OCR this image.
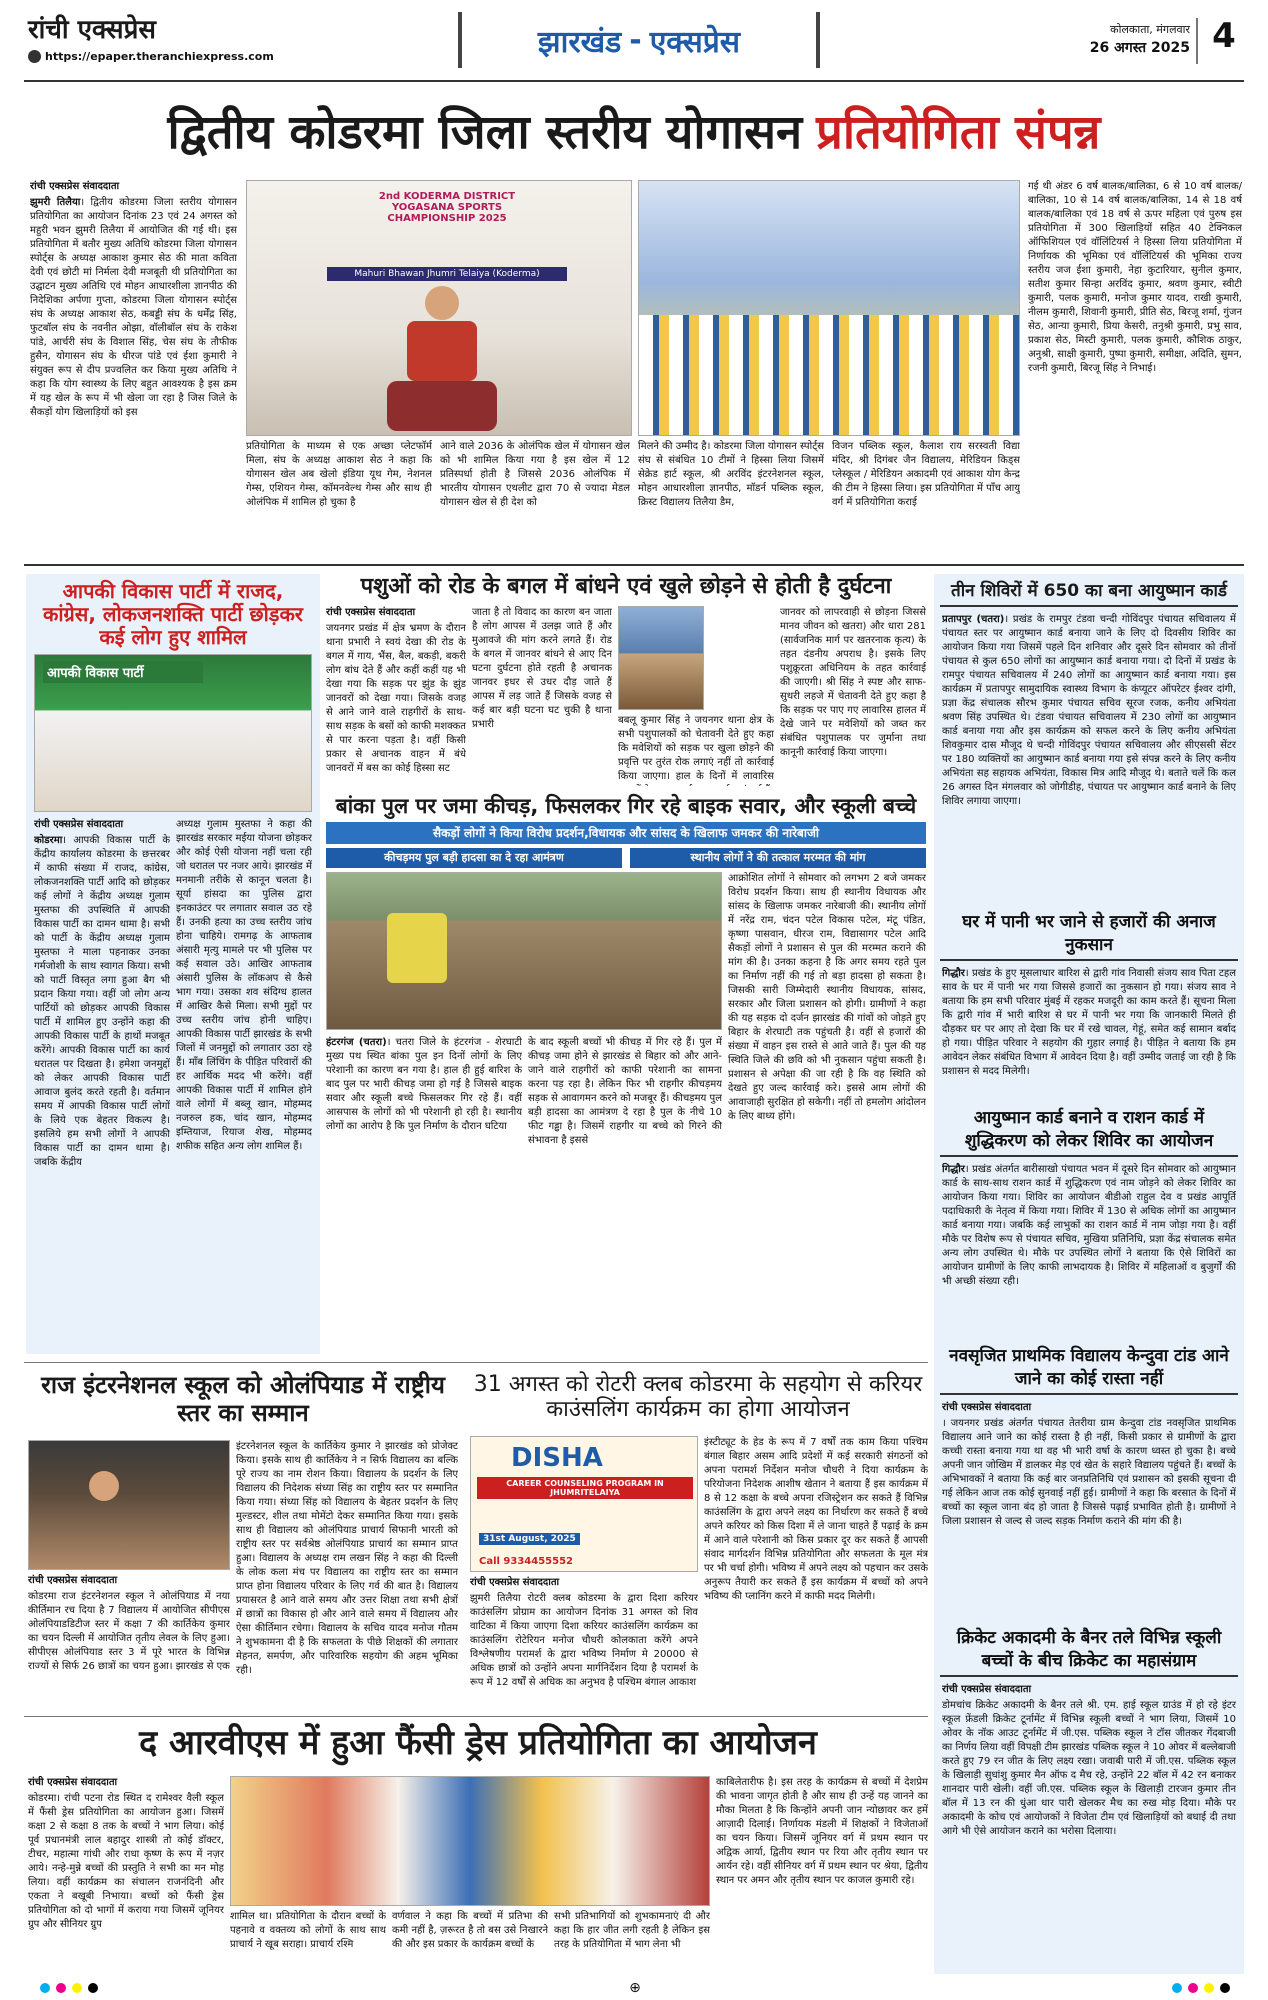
रांची एक्सप्रेस
https://epaper.theranchiexpress.com	झारखंड - एक्सप्रेस	कोलकाता, मंगलवार
26 अगस्त 2025 4
द्वितीय कोडरमा जिला स्तरीय योगासन प्रतियोगिता संपन्न
रांची एक्सप्रेस संवाददाता
झुमरी तिलैया। द्वितीय कोडरमा जिला स्तरीय योगासन प्रतियोगिता का आयोजन दिनांक 23 एवं 24 अगस्त को महुरी भवन झुमरी तिलैया में आयोजित की गई थी। इस प्रतियोगिता में बतौर मुख्य अतिथि कोडरमा जिला योगासन स्पोर्ट्स के अध्यक्ष आकाश कुमार सेठ की माता कविता देवी एवं छोटी मां निर्मला देवी मजबूती थी प्रतियोगिता का उद्घाटन मुख्य अतिथि एवं मोहन आधारशीला ज्ञानपीठ की निदेशिका अर्पणा गुप्ता, कोडरमा जिला योगासन स्पोर्ट्स संघ के अध्यक्ष आकाश सेठ, कबड्डी संघ के धर्मेंद्र सिंह, फुटबॉल संघ के नवनीत ओझा, वॉलीबॉल संघ के राकेश पांडे, आर्चरी संघ के विशाल सिंह, चेस संघ के तौफीक हुसैन, योगासन संघ के धीरज पांडे एवं ईशा कुमारी ने संयुक्त रूप से दीप प्रज्वलित कर किया मुख्य अतिथि ने कहा कि योग स्वास्थ्य के लिए बहुत आवश्यक है इस क्रम में यह खेल के रूप में भी खेला जा रहा है जिस जिले के सैकड़ों योग खिलाड़ियों को इस
2nd KODERMA DISTRICT YOGASANA SPORTS CHAMPIONSHIP 2025
Mahuri Bhawan Jhumri Telaiya (Koderma)
प्रतियोगिता के माध्यम से एक अच्छा प्लेटफॉर्म मिला, संघ के अध्यक्ष आकाश सेठ ने कहा कि योगासन खेल अब खेलो इंडिया यूथ गेम, नेशनल गेम्स, एशियन गेम्स, कॉमनवेल्थ गेम्स और साथ ही ओलंपिक में शामिल हो चुका है
आने वाले 2036 के ओलंपिक खेल में योगासन खेल को भी शामिल किया गया है इस खेल में 12 प्रतिस्पर्धा होती है जिससे 2036 ओलंपिक में भारतीय योगासन एथलीट द्वारा 70 से ज्यादा मेडल योगासन खेल से ही देश को
मिलने की उम्मीद है। कोडरमा जिला योगासन स्पोर्ट्स संघ से संबंधित 10 टीमों ने हिस्सा लिया जिसमें सेक्रेड हार्ट स्कूल, श्री अरविंद इंटरनेशनल स्कूल, मोहन आधारशीला ज्ञानपीठ, मॉडर्न पब्लिक स्कूल, क्रिस्ट विद्यालय तिलैया डैम,
विजन पब्लिक स्कूल, कैलाश राय सरस्वती विद्या मंदिर, श्री दिगंबर जैन विद्यालय, मेरिडियन किड्स प्लेस्कूल / मेरिडियन अकादमी एवं आकाश योग केन्द्र की टीम ने हिस्सा लिया। इस प्रतियोगिता में पाँच आयु वर्ग में प्रतियोगिता कराई
गई थी अंडर 6 वर्ष बालक/बालिका, 6 से 10 वर्ष बालक/बालिका, 10 से 14 वर्ष बालक/बालिका, 14 से 18 वर्ष बालक/बालिका एवं 18 वर्ष से ऊपर महिला एवं पुरुष इस प्रतियोगिता में 300 खिलाड़ियों सहित 40 टेक्निकल ऑफिशियल एवं वॉलिंटियर्स ने हिस्सा लिया प्रतियोगिता में निर्णायक की भूमिका एवं वॉलिंटियर्स की भूमिका राज्य स्तरीय जज ईशा कुमारी, नेहा कुटारियार, सुनील कुमार, सतीश कुमार सिन्हा अरविंद कुमार, श्रवण कुमार, स्वीटी कुमारी, पलक कुमारी, मनोज कुमार यादव, राखी कुमारी, नीलम कुमारी, शिवानी कुमारी, प्रीति सेठ, बिरजू शर्मा, गुंजन सेठ, आन्या कुमारी, प्रिया केसरी, तनुश्री कुमारी, प्रभु साव, प्रकाश सेठ, मिस्टी कुमारी, पलक कुमारी, कौशिक ठाकुर, अनुश्री, साक्षी कुमारी, पुष्पा कुमारी, समीक्षा, अदिति, सुमन, रजनी कुमारी, बिरजू सिंह ने निभाई।
आपकी विकास पार्टी में राजद, कांग्रेस, लोकजनशक्ति पार्टी छोड़कर कई लोग हुए शामिल
आपकी विकास पार्टी
रांची एक्सप्रेस संवाददाता
कोडरमा। आपकी विकास पार्टी के केंद्रीय कार्यालय कोडरमा के छत्तरबर में काफी संख्या में राजद, कांग्रेस, लोकजनशक्ति पार्टी आदि को छोड़कर कई लोगों ने केंद्रीय अध्यक्ष गुलाम मुस्तफा की उपस्थिति में आपकी विकास पार्टी का दामन थामा है। सभी को पार्टी के केंद्रीय अध्यक्ष गुलाम मुस्तफा ने माला पहनाकर उनका गर्मजोशी के साथ स्वागत किया। सभी को पार्टी विस्तृत लगा हुआ बैग भी प्रदान किया गया। वहीं जो लोग अन्य पार्टियों को छोड़कर आपकी विकास पार्टी में शामिल हुए उन्होंने कहा की आपकी विकास पार्टी के हाथों मजबूत करेंगे। आपकी विकास पार्टी का कार्य धरातल पर दिखता है। हमेशा जनमुद्दों को लेकर आपकी विकास पार्टी आवाज बुलंद करते रहती है। वर्तमान समय में आपकी विकास पार्टी लोगों के लिये एक बेहतर विकल्प है। इसलिये हम सभी लोगों ने आपकी विकास पार्टी का दामन थामा है। जबकि केंद्रीय
अध्यक्ष गुलाम मुस्तफा ने कहा की झारखंड सरकार मईया योजना छोड़कर और कोई ऐसी योजना नहीं चला रही जो धरातल पर नजर आये। झारखंड में मनमानी तरीके से कानून चलता है। सूर्या हांसदा का पुलिस द्वारा इनकाउंटर पर लगातार सवाल उठ रहे हैं। उनकी हत्या का उच्च स्तरीय जांच होना चाहिये। रामगढ़ के आफताब अंसारी मृत्यु मामले पर भी पुलिस पर कई सवाल उठे। आखिर आफताब अंसारी पुलिस के लॉकअप से कैसे भाग गया। उसका शव संदिग्ध हालत में आखिर कैसे मिला। सभी मुद्दों पर उच्च स्तरीय जांच होनी चाहिए। आपकी विकास पार्टी झारखंड के सभी जिलों में जनमुद्दों को लगातार उठा रहे हैं। माँब लिंचिंग के पीड़ित परिवारों की हर आर्थिक मदद भी करेंगे। वहीं आपकी विकास पार्टी में शामिल होने वाले लोगों में बब्लू खान, मोहम्मद नजरुल हक, चांद खान, मोहम्मद इम्तियाज, रियाज शेख, मोहम्मद शफीक सहित अन्य लोग शामिल हैं।
पशुओं को रोड के बगल में बांधने एवं खुले छोड़ने से होती है दुर्घटना
रांची एक्सप्रेस संवाददाता
जयनगर प्रखंड में क्षेत्र भ्रमण के दौरान थाना प्रभारी ने स्वयं देखा की रोड के बगल में गाय, भैंस, बैल, बकड़ी, बकरी लोग बांध देते हैं और कहीं कहीं यह भी देखा गया कि सड़क पर झुंड के झुंड जानवरों को देखा गया। जिसके वजह से आने जाने वाले राहगीरों के साथ-साथ सड़क के बसों को काफी मशक्कत से पार करना पड़ता है। वहीं किसी प्रकार से अचानक वाहन में बंधे जानवरों में बस का कोई हिस्सा सट
जाता है तो विवाद का कारण बन जाता है लोग आपस में उलझ जाते हैं और मुआवजे की मांग करने लगते हैं। रोड के बगल में जानवर बांधने से आए दिन घटना दुर्घटना होते रहती है अचानक जानवर इधर से उधर दौड़ जाते हैं आपस में लड़ जाते हैं जिसके वजह से कई बार बड़ी घटना घट चुकी है थाना प्रभारी	बबलू कुमार सिंह ने जयनगर थाना क्षेत्र के सभी पशुपालकों को चेतावनी देते हुए कहा कि मवेशियों को सड़क पर खुला छोड़ने की प्रवृत्ति पर तुरंत रोक लगाएं नहीं तो कार्रवाई किया जाएगा। हाल के दिनों में लावारिस
जानवर को लापरवाही से छोड़ना जिससे मानव जीवन को खतरा) और धारा 281 (सार्वजनिक मार्ग पर खतरनाक कृत्य) के तहत दंडनीय अपराध है। इसके लिए पशुक्रूरता अधिनियम के तहत कार्रवाई की जाएगी। श्री सिंह ने स्पष्ट और साफ-सुथरी लहजे में चेतावनी देते हुए कहा है कि सड़क पर पाए गए लावारिस हालत में देखे जाने पर मवेशियों को जब्त कर संबंधित पशुपालक पर जुर्माना तथा कानूनी कार्रवाई किया जाएगा।
बांका पुल पर जमा कीचड़, फिसलकर गिर रहे बाइक सवार, और स्कूली बच्चे
सैकड़ों लोगों ने किया विरोध प्रदर्शन,विधायक और सांसद के खिलाफ जमकर की नारेबाजी
कीचड़मय पुल बड़ी हादसा का दे रहा आमंत्रण	स्थानीय लोगों ने की तत्काल मरम्मत की मांग
हंटरगंज (चतरा)। चतरा जिले के हंटरगंज - शेरघाटी मुख्य पथ स्थित बांका पुल इन दिनों लोगों के लिए परेशानी का कारण बन गया है। हाल ही हुई बारिश के बाद पुल पर भारी कीचड़ जमा हो गई है जिससे बाइक सवार और स्कूली बच्चे फिसलकर गिर रहे हैं। वहीं आसपास के लोगों को भी परेशानी हो रही है। स्थानीय लोगों का आरोप है कि पुल निर्माण के दौरान घटिया
के बाद स्कूली बच्चों भी कीचड़ में गिर रहे हैं। पुल में कीचड़ जमा होने से झारखंड से बिहार को और आने-जाने वाले राहगीरों को काफी परेशानी का सामना करना पड़ रहा है। लेकिन फिर भी राहगीर कीचड़मय सड़क से आवागमन करने को मजबूर हैं। कीचड़मय पुल बड़ी हादसा का आमंत्रण दे रहा है पुल के नीचे 10 फीट गड्ढा है। जिसमें राहगीर या बच्चे को गिरने की संभावना है इससे
आक्रोशित लोगों ने सोमवार को लगभग 2 बजे जमकर विरोध प्रदर्शन किया। साथ ही स्थानीय विधायक और सांसद के खिलाफ जमकर नारेबाजी की। स्थानीय लोगों में नरेंद्र राम, चंदन पटेल विकास पटेल, मंटू पंडित, कृष्णा पासवान, धीरज राम, विद्यासागर पटेल आदि सैकड़ों लोगों ने प्रशासन से पुल की मरम्मत कराने की मांग की है। उनका कहना है कि अगर समय रहते पुल का निर्माण नहीं की गई तो बड़ा हादसा हो सकता है। जिसकी सारी जिम्मेदारी स्थानीय विधायक, सांसद, सरकार और जिला प्रशासन को होगी। ग्रामीणों ने कहा की यह सड़क दो दर्जन झारखंड की गांवों को जोड़ते हुए बिहार के शेरघाटी तक पहुंचती है। वहीं से हजारों की संख्या में वाहन इस रास्ते से आते जाते हैं। पुल की यह स्थिति जिले की छवि को भी नुकसान पहुंचा सकती है। प्रशासन से अपेक्षा की जा रही है कि वह स्थिति को देखते हुए जल्द कार्रवाई करे। इससे आम लोगों की आवाजाही सुरक्षित हो सकेगी। नहीं तो हमलोग आंदोलन के लिए बाध्य होंगे।
तीन शिविरों में 650 का बना आयुष्मान कार्ड
प्रतापपुर (चतरा)। प्रखंड के रामपुर टंडवा चन्दी गोविंदपुर पंचायत सचिवालय में पंचायत स्तर पर आयुष्मान कार्ड बनाया जाने के लिए दो दिवसीय शिविर का आयोजन किया गया जिसमें पहले दिन शनिवार और दूसरे दिन सोमवार को तीनों पंचायत से कुल 650 लोगों का आयुष्मान कार्ड बनाया गया। दो दिनों में प्रखंड के रामपुर पंचायत सचिवालय में 240 लोगों का आयुष्मान कार्ड बनाया गया। इस कार्यक्रम में प्रतापपुर सामुदायिक स्वास्थ्य विभाग के कंप्यूटर ऑपरेटर ईश्वर दांगी, प्रज्ञा केंद्र संचालक सौरभ कुमार पंचायत सचिव सूरज रजक, कनीय अभियंता श्रवण सिंह उपस्थित थे। टंडवा पंचायत सचिवालय में 230 लोगों का आयुष्मान कार्ड बनाया गया और इस कार्यक्रम को सफल करने के लिए कनीय अभियंता शिवकुमार दास मौजूद थे चन्दी गोविंदपुर पंचायत सचिवालय और सीएससी सेंटर पर 180 व्यक्तियों का आयुष्मान कार्ड बनाया गया इसे संपन्न करने के लिए कनीय अभियंता सह सहायक अभियंता, विकास मित्र आदि मौजूद थे। बताते चलें कि कल 26 अगस्त दिन मंगलवार को जोगीडीह, पंचायत पर आयुष्मान कार्ड बनाने के लिए शिविर लगाया जाएगा।
घर में पानी भर जाने से हजारों की अनाज नुकसान
गिद्धौर। प्रखंड के हुए मूसलाधार बारिश से द्वारी गांव निवासी संजय साव पिता टहल साव के घर में पानी भर गया जिससे हजारों का नुकसान हो गया। संजय साव ने बताया कि हम सभी परिवार मुंबई में रहकर मजदूरी का काम करते हैं। सूचना मिला कि द्वारी गांव में भारी बारिश से घर में पानी भर गया कि जानकारी मिलते ही दौड़कर घर पर आए तो देखा कि घर में रखे चावल, गेहूं, समेत कई सामान बर्बाद हो गया। पीड़ित परिवार ने सहयोग की गुहार लगाई है। पीड़ित ने बताया कि हम आवेदन लेकर संबंधित विभाग में आवेदन दिया है। वहीं उम्मीद जताई जा रही है कि प्रशासन से मदद मिलेगी।
आयुष्मान कार्ड बनाने व राशन कार्ड में शुद्धिकरण को लेकर शिविर का आयोजन
गिद्धौर। प्रखंड अंतर्गत बारीसाखो पंचायत भवन में दूसरे दिन सोमवार को आयुष्मान कार्ड के साथ-साथ राशन कार्ड में शुद्धिकरण एवं नाम जोड़ने को लेकर शिविर का आयोजन किया गया। शिविर का आयोजन बीडीओ राहुल देव व प्रखंड आपूर्ति पदाधिकारी के नेतृत्व में किया गया। शिविर में 130 से अधिक लोगों का आयुष्मान कार्ड बनाया गया। जबकि कई लाभुकों का राशन कार्ड में नाम जोड़ा गया है। वहीं मौके पर विशेष रूप से पंचायत सचिव, मुखिया प्रतिनिधि, प्रज्ञा केंद्र संचालक समेत अन्य लोग उपस्थित थे। मौके पर उपस्थित लोगों ने बताया कि ऐसे शिविरों का आयोजन ग्रामीणों के लिए काफी लाभदायक है। शिविर में महिलाओं व बुजुर्गों की भी अच्छी संख्या रही।
नवसृजित प्राथमिक विद्यालय केन्दुवा टांड आने जाने का कोई रास्ता नहीं
रांची एक्सप्रेस संवाददाता
। जयनगर प्रखंड अंतर्गत पंचायत तेतरीया ग्राम केन्दुवा टांड नवसृजित प्राथमिक विद्यालय आने जाने का कोई रास्ता है ही नहीं, किसी प्रकार से ग्रामीणों के द्वारा कच्ची रास्ता बनाया गया था वह भी भारी वर्षा के कारण ध्वस्त हो चुका है। बच्चे अपनी जान जोखिम में डालकर मेड़ एवं खेत के सहारे विद्यालय पहुंचते हैं। बच्चों के अभिभावकों ने बताया कि कई बार जनप्रतिनिधि एवं प्रशासन को इसकी सूचना दी गई लेकिन आज तक कोई सुनवाई नहीं हुई। ग्रामीणों ने कहा कि बरसात के दिनों में बच्चों का स्कूल जाना बंद हो जाता है जिससे पढ़ाई प्रभावित होती है। ग्रामीणों ने जिला प्रशासन से जल्द से जल्द सड़क निर्माण कराने की मांग की है।
क्रिकेट अकादमी के बैनर तले विभिन्न स्कूली बच्चों के बीच क्रिकेट का महासंग्राम
रांची एक्सप्रेस संवाददाता
डोमचांच क्रिकेट अकादमी के बैनर तले श्री. एम. हाई स्कूल ग्राउंड में हो रहे इंटर स्कूल फ्रेंडली क्रिकेट टूर्नामेंट में विभिन्न स्कूली बच्चों ने भाग लिया, जिसमें 10 ओवर के नॉक आउट टूर्नामेंट में जी.एस. पब्लिक स्कूल ने टॉस जीतकर गेंदबाजी का निर्णय लिया वहीं विपक्षी टीम झारखंड पब्लिक स्कूल ने 10 ओवर में बल्लेबाजी करते हुए 79 रन जीत के लिए लक्ष्य रखा। जवाबी पारी में जी.एस. पब्लिक स्कूल के खिलाड़ी सुधांशु कुमार मैन ऑफ द मैच रहे, उन्होंने 22 बॉल में 42 रन बनाकर शानदार पारी खेली। वहीं जी.एस. पब्लिक स्कूल के खिलाड़ी टारजन कुमार तीन बॉल में 13 रन की धुंआ धार पारी खेलकर मैच का रुख मोड़ दिया। मौके पर अकादमी के कोच एवं आयोजकों ने विजेता टीम एवं खिलाड़ियों को बधाई दी तथा आगे भी ऐसे आयोजन कराने का भरोसा दिलाया।
राज इंटरनेशनल स्कूल को ओलंपियाड में राष्ट्रीय स्तर का सम्मान
रांची एक्सप्रेस संवाददाता
कोडरमा राज इंटरनेशनल स्कूल ने ओलंपियाड में नया कीर्तिमान रच दिया है 7 विद्यालय में आयोजित सीपीएस ओलंपियाडडिटीज स्तर में कक्षा 7 की कार्तिकेय कुमार का चयन दिल्ली में आयोजित तृतीय लेवल के लिए हुआ। सीपीएस ओलंपियाड स्तर 3 में पूरे भारत के विभिन्न राज्यों से सिर्फ 26 छात्रों का चयन हुआ। झारखंड से एक
इंटरनेशनल स्कूल के कार्तिकेय कुमार ने झारखंड को प्रोजेक्ट किया। इसके साथ ही कार्तिकेय ने न सिर्फ विद्यालय का बल्कि पूरे राज्य का नाम रोशन किया। विद्यालय के प्रदर्शन के लिए विद्यालय की निदेशक संध्या सिंह का राष्ट्रीय स्तर पर सम्मानित किया गया। संध्या सिंह को विद्यालय के बेहतर प्रदर्शन के लिए मुल्डस्टर, शील तथा मोमेंटो देकर सम्मानित किया गया। इसके साथ ही विद्यालय को ओलंपियाड प्राचार्य सिफानी भारती को राष्ट्रीय स्तर पर सर्वश्रेष्ठ ओलंपियाड प्राचार्य का सम्मान प्राप्त हुआ। विद्यालय के अध्यक्ष राम लखन सिंह ने कहा की दिल्ली के लोक कला मंच पर विद्यालय का राष्ट्रीय स्तर का सम्मान प्राप्त होना विद्यालय परिवार के लिए गर्व की बात है। विद्यालय प्रयासरत है आने वाले समय और उत्तर शिक्षा तथा सभी क्षेत्रों में छात्रों का विकास हो और आने वाले समय में विद्यालय और ऐसा कीर्तिमान रचेगा। विद्यालय के सचिव यादव मनोज गौतम ने शुभकामना दी है कि सफलता के पीछे शिक्षकों की लगातार मेहनत, समर्पण, और पारिवारिक सहयोग की अहम भूमिका रही।
31 अगस्त को रोटरी क्लब कोडरमा के सहयोग से करियर काउंसलिंग कार्यक्रम का होगा आयोजन
DISHA
CAREER COUNSELING PROGRAM IN JHUMRITELAIYA
31st August, 2025
Call 9334455552
रांची एक्सप्रेस संवाददाता
झुमरी तिलैया रोटरी क्लब कोडरमा के द्वारा दिशा करियर काउंसलिंग प्रोग्राम का आयोजन दिनांक 31 अगस्त को शिव वाटिका में किया जाएगा दिशा करियर काउंसलिंग कार्यक्रम का काउंसलिंग रोटेरियन मनोज चौधरी कोलकाता करेंगे अपने विश्लेषणीय परामर्श के द्वारा भविष्य निर्माण मे 20000 से अधिक छात्रों को उन्होंने अपना मार्गनिर्देशन दिया है परामर्श के रूप में 12 वर्षों से अधिक का अनुभव है पश्चिम बंगाल आकाश
इंस्टीट्यूट के हेड के रूप में 7 वर्षों तक काम किया पश्चिम बंगाल बिहार असम आदि प्रदेशों में कई सरकारी संगठनों को अपना परामर्श निर्देशन मनोज चौधरी ने दिया कार्यक्रम के परियोजना निदेशक आशीष खेतान ने बताया हैं इस कार्यक्रम में 8 से 12 कक्षा के बच्चे अपना रजिस्ट्रेशन कर सकते हैं विभिन्न काउंसलिंग के द्वारा अपने लक्ष्य का निर्धारण कर सकते हैं बच्चे अपने करियर को किस दिशा में ले जाना चाहते हैं पढ़ाई के क्रम में आने वाले परेशानी को किस प्रकार दूर कर सकते हैं आपसी संवाद मार्गदर्शन विभिन्न प्रतियोगिता और सफलता के मूल मंत्र पर भी चर्चा होगी। भविष्य में अपने लक्ष्य को पहचान कर उसके अनुरूप तैयारी कर सकते हैं इस कार्यक्रम में बच्चों को अपने भविष्य की प्लानिंग करने में काफी मदद मिलेगी।
द आरवीएस में हुआ फैंसी ड्रेस प्रतियोगिता का आयोजन
रांची एक्सप्रेस संवाददाता
कोडरमा। रांची पटना रोड स्थित द रामेश्वर वैली स्कूल में फैंसी ड्रेस प्रतियोगिता का आयोजन हुआ। जिसमें कक्षा 2 से कक्षा 8 तक के बच्चों ने भाग लिया। कोई पूर्व प्रधानमंत्री लाल बहादुर शास्त्री तो कोई डॉक्टर, टीचर, महात्मा गांधी और राधा कृष्ण के रूप में नज़र आये। नन्हे-मुन्ने बच्चों की प्रस्तुति ने सभी का मन मोह लिया। वहीं कार्यक्रम का संचालन राजनंदिनी और एकता ने बखूबी निभाया। बच्चों को फैंसी ड्रेस प्रतियोगिता को दो भागों में कराया गया जिसमें जूनियर ग्रुप और सीनियर ग्रुप
शामिल था। प्रतियोगिता के दौरान बच्चों के पहनावे व वक्तव्य को लोगों के साथ साथ प्राचार्य ने खूब सराहा। प्राचार्य रश्मि
वर्णवाल ने कहा कि बच्चों में प्रतिभा की कमी नहीं है, ज़रूरत है तो बस उसे निखारने की और इस प्रकार के कार्यक्रम बच्चों के
सभी प्रतिभागियों को शुभकामनाएं दी और कहा कि हार जीत लगी रहती है लेकिन इस तरह के प्रतियोगिता में भाग लेना भी
काबिलेतारीफ है। इस तरह के कार्यक्रम से बच्चों में देशप्रेम की भावना जागृत होती है और साथ ही उन्हें यह जानने का मौका मिलता है कि किन्होंने अपनी जान न्योछावर कर हमें आज़ादी दिलाई। निर्णायक मंडली में शिक्षकों ने विजेताओं का चयन किया। जिसमें जूनियर वर्ग में प्रथम स्थान पर अद्विक आर्या, द्वितीय स्थान पर रिया और तृतीय स्थान पर आर्यन रहे। वहीं सीनियर वर्ग में प्रथम स्थान पर श्रेया, द्वितीय स्थान पर अमन और तृतीय स्थान पर काजल कुमारी रहे।
⊕
